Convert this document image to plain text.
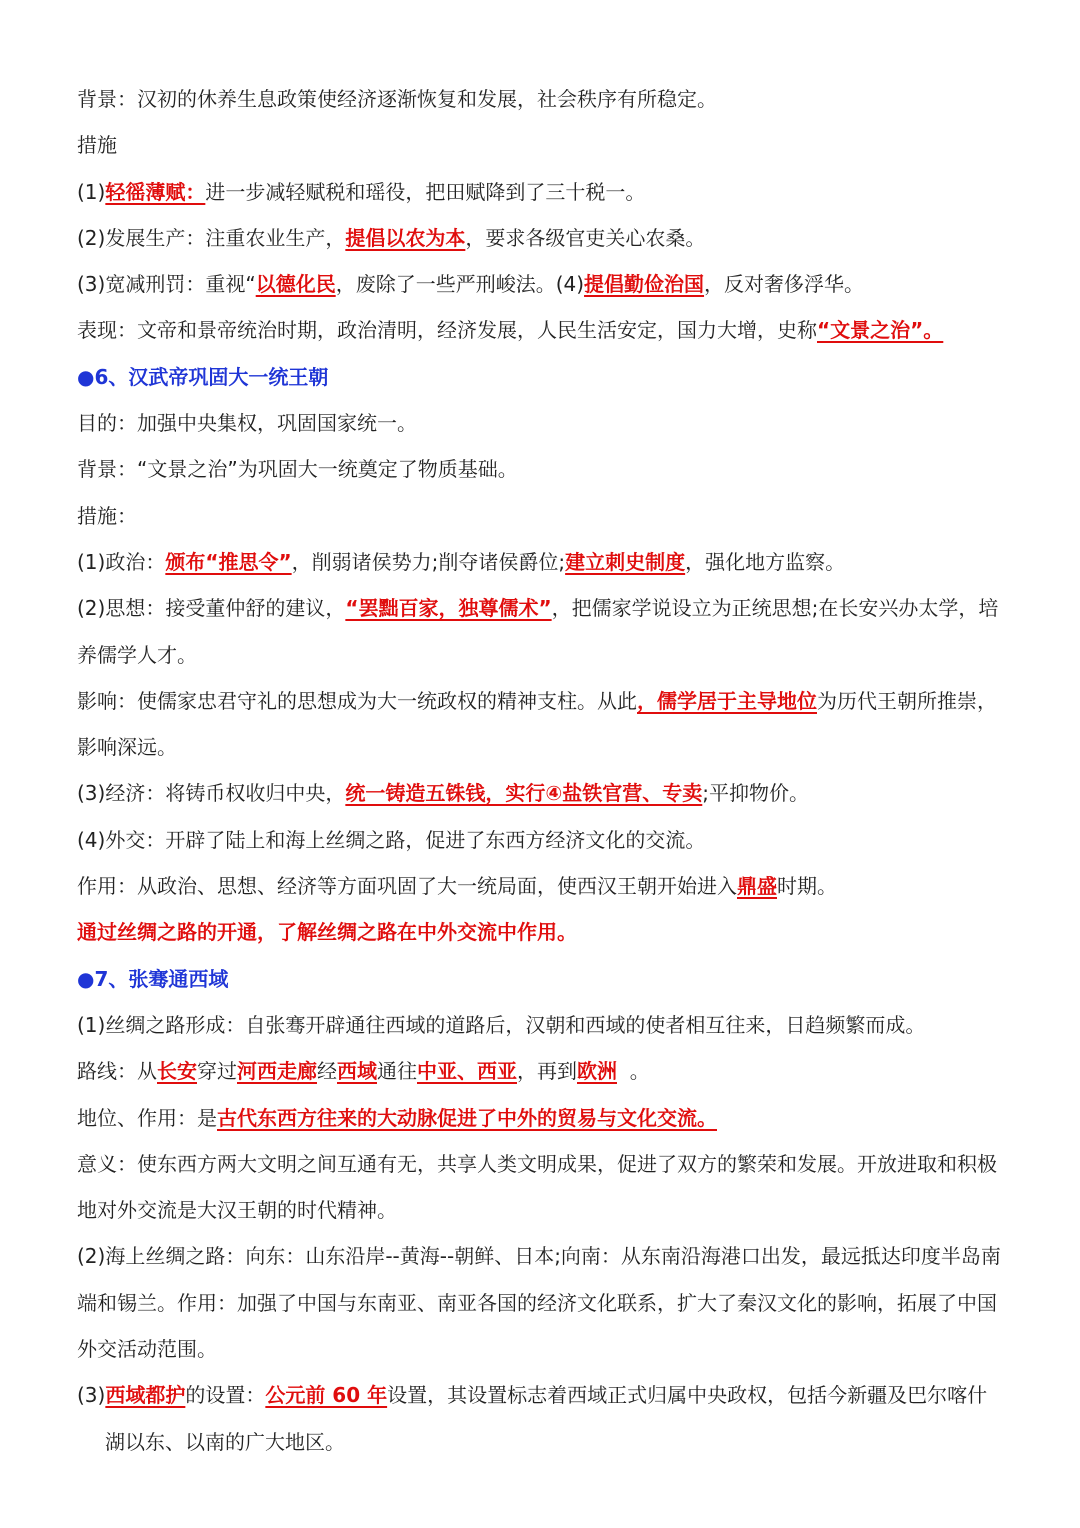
背景：汉初的休养生息政策使经济逐渐恢复和发展，社会秩序有所稳定。
措施
(1)轻徭薄赋：进一步减轻赋税和瑶役，把田赋降到了三十税一。
(2)发展生产：注重农业生产，提倡以农为本，要求各级官吏关心农桑。
(3)宽减刑罚：重视“以德化民，废除了一些严刑峻法。(4)提倡勤俭治国，反对奢侈浮华。
表现：文帝和景帝统治时期，政治清明，经济发展，人民生活安定，国力大增，史称“文景之治”。
●6、汉武帝巩固大一统王朝
目的：加强中央集权，巩固国家统一。
背景：“文景之治”为巩固大一统奠定了物质基础。
措施：
(1)政治：颁布“推思令”，削弱诸侯势力;削夺诸侯爵位;建立刺史制度，强化地方监察。
(2)思想：接受董仲舒的建议，“罢黜百家，独尊儒术”，把儒家学说设立为正统思想;在长安兴办太学，培养儒学人才。
影响：使儒家忠君守礼的思想成为大一统政权的精神支柱。从此，儒学居于主导地位为历代王朝所推崇，影响深远。
(3)经济：将铸币权收归中央，统一铸造五铢钱，实行④盐铁官营、专卖;平抑物价。
(4)外交：开辟了陆上和海上丝绸之路，促进了东西方经济文化的交流。
作用：从政治、思想、经济等方面巩固了大一统局面，使西汉王朝开始进入鼎盛时期。
通过丝绸之路的开通，了解丝绸之路在中外交流中作用。
●7、张骞通西域
(1)丝绸之路形成：自张骞开辟通往西域的道路后，汉朝和西域的使者相互往来，日趋频繁而成。
路线：从长安穿过河西走廊经西域通往中亚、西亚，再到欧洲 。
地位、作用：是古代东西方往来的大动脉促进了中外的贸易与文化交流。
意义：使东西方两大文明之间互通有无，共享人类文明成果，促进了双方的繁荣和发展。开放进取和积极地对外交流是大汉王朝的时代精神。
(2)海上丝绸之路：向东：山东沿岸--黄海--朝鲜、日本;向南：从东南沿海港口出发，最远抵达印度半岛南端和锡兰。作用：加强了中国与东南亚、南亚各国的经济文化联系，扩大了秦汉文化的影响，拓展了中国外交活动范围。
(3)西域都护的设置：公元前 60 年设置，其设置标志着西域正式归属中央政权，包括今新疆及巴尔喀什湖以东、以南的广大地区。
